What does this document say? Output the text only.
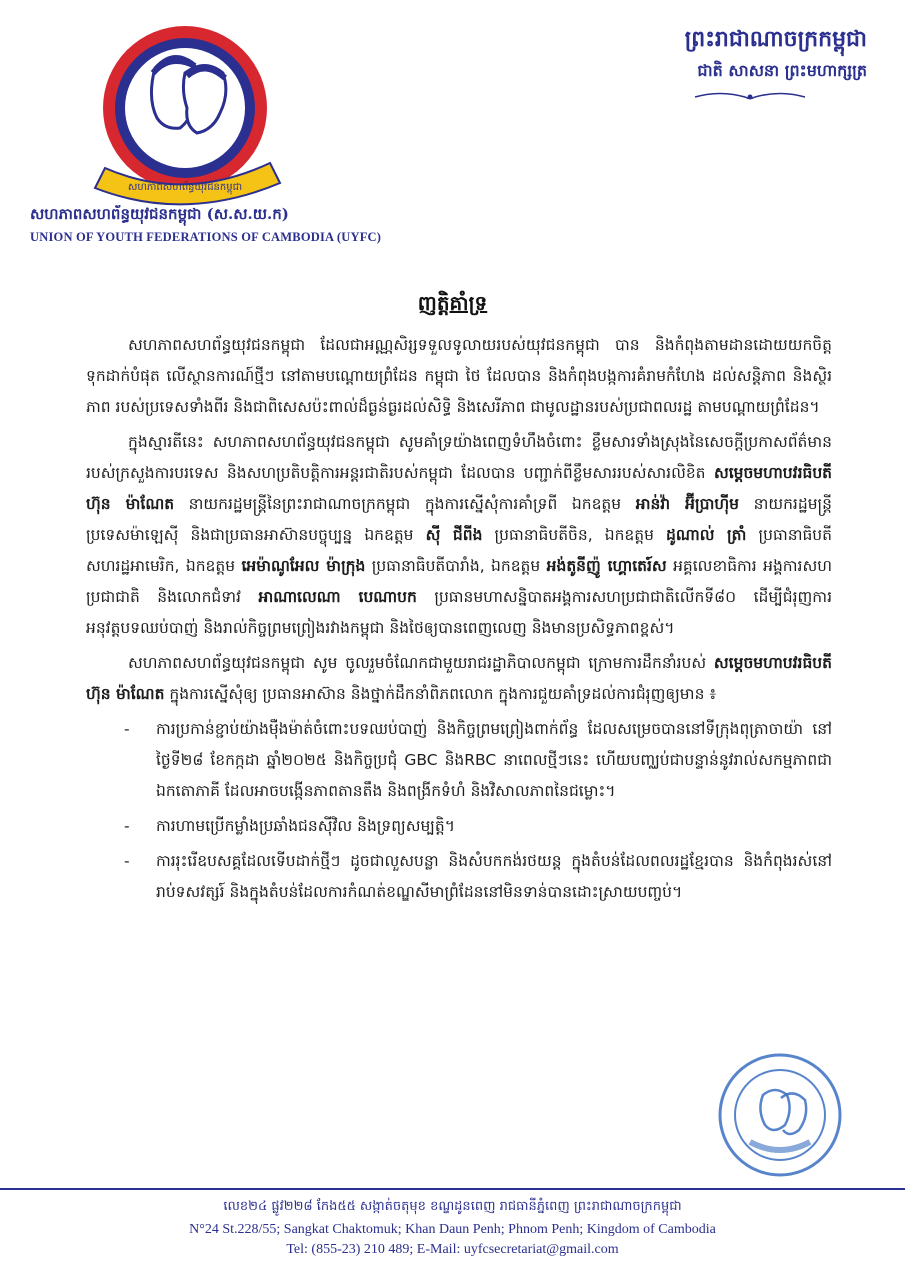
សហភាពសហព័ន្ធយុវជនកម្ពុជា
សហភាពសហព័ន្ធយុវជនកម្ពុជា (ស.ស.យ.ក)
UNION OF YOUTH FEDERATIONS OF CAMBODIA (UYFC)
ព្រះរាជាណាចក្រកម្ពុជា
ជាតិ សាសនា ព្រះមហាក្សត្រ
ញត្តិគាំទ្រ

សហភាពសហព័ន្ធយុវជនកម្ពុជា ដែលជាអណ្ណសិរ្សទទួលទូលាយរបស់យុវជនកម្ពុជា បាន និងកំពុងតាមដានដោយយកចិត្តទុកដាក់បំផុត លើស្ថានការណ៍ថ្មីៗ នៅតាមបណ្ដោយព្រំដែន កម្ពុជា ថៃ ដែលបាន និងកំពុងបង្កការគំរាមកំហែង ដល់សន្តិភាព និងស្ថិរភាព របស់ប្រទេសទាំងពីរ និងជាពិសេសប៉ះពាល់ដ៏ធ្ងន់ធ្ងរដល់សិទ្ធិ និងសេរីភាព ជាមូលដ្ឋានរបស់ប្រជាពលរដ្ឋ តាមបណ្ដាយព្រំដែន។

ក្នុងស្មារតីនេះ សហភាពសហព័ន្ធយុវជនកម្ពុជា សូមគាំទ្រយ៉ាងពេញទំហឹងចំពោះ ខ្លឹមសារទាំងស្រុងនៃសេចក្ដីប្រកាសព័ត៌មានរបស់ក្រសួងការបរទេស និងសហប្រតិបត្តិការអន្តរជាតិរបស់កម្ពុជា ដែលបាន បញ្ជាក់ពីខ្លឹមសាររបស់សារលិខិត សម្ដេចមហាបវរធិបតី ហ៊ុន ម៉ាណែត នាយករដ្ឋមន្ត្រីនៃព្រះរាជាណាចក្រកម្ពុជា ក្នុងការស្នើសុំការគាំទ្រពី ឯកឧត្ដម អាន់វ៉ា អ៊ីប្រាហ៊ីម នាយករដ្ឋមន្ត្រីប្រទេសម៉ាឡេស៊ី និងជាប្រធានអាស៊ានបច្ចុប្បន្ន ឯកឧត្ដម ស៊ី ជីពីង ប្រធានាធិបតីចិន, ឯកឧត្ដម ដូណាល់ ត្រាំ ប្រធានាធិបតីសហរដ្ឋអាមេរិក, ឯកឧត្ដម អេម៉ាណូអែល ម៉ាក្រុង ប្រធានាធិបតីបារាំង, ឯកឧត្ដម អង់តូនីញ៉ូ ហ្គោតេរ៍ស អគ្គលេខាធិការ អង្គការសហប្រជាជាតិ និងលោកជំទាវ អាណាលេណា បេណាបក ប្រធានមហាសន្និបាតអង្គការសហប្រជាជាតិលើកទី៨០ ដើម្បីជំរុញការអនុវត្តបទឈប់បាញ់ និងរាល់កិច្ចព្រមព្រៀងរវាងកម្ពុជា និងថៃឲ្យបានពេញលេញ និងមានប្រសិទ្ធភាពខ្ពស់។

សហភាពសហព័ន្ធយុវជនកម្ពុជា សូម ចូលរួមចំណែកជាមួយរាជរដ្ឋាភិបាលកម្ពុជា ក្រោមការដឹកនាំរបស់ សម្ដេចមហាបវរធិបតី ហ៊ុន ម៉ាណែត ក្នុងការស្នើសុំឲ្យ ប្រធានអាស៊ាន និងថ្នាក់ដឹកនាំពិភពលោក ក្នុងការជួយគាំទ្រដល់ការជំរុញឲ្យមាន ៖

-	ការប្រកាន់ខ្ជាប់យ៉ាងម៉ឺងម៉ាត់ចំពោះបទឈប់បាញ់ និងកិច្ចព្រមព្រៀងពាក់ព័ន្ធ ដែលសម្រេចបាននៅទីក្រុងពុត្រាចាយ៉ា នៅថ្ងៃទី២៨ ខែកក្កដា ឆ្នាំ២០២៥ និងកិច្ចប្រជុំ GBC និងRBC នាពេលថ្មីៗនេះ ហើយបញ្ឈប់ជាបន្ទាន់នូវរាល់សកម្មភាពជាឯកតោភាគី ដែលអាចបង្កើនភាពតានតឹង និងពង្រីកទំហំ និងវិសាលភាពនៃជម្លោះ។
-	ការហាមប្រើកម្លាំងប្រឆាំងជនស៊ីវិល និងទ្រព្យសម្បត្តិ។
-	ការរុះរើឧបសគ្គដែលទើបដាក់ថ្មីៗ ដូចជាលួសបន្លា និងសំបកកង់រថយន្ត ក្នុងតំបន់ដែលពលរដ្ឋខ្មែរបាន និងកំពុងរស់នៅរាប់ទសវត្សរ៍ និងក្នុងតំបន់ដែលការកំណត់ខណ្ឌសីមាព្រំដែននៅមិនទាន់បានដោះស្រាយបញ្ចប់។
លេខ២៤ ផ្លូវ២២៨ កែង៥៥ សង្កាត់ចតុមុខ ខណ្ឌដូនពេញ រាជធានីភ្នំពេញ ព្រះរាជាណាចក្រកម្ពុជា
N°24 St.228/55; Sangkat Chaktomuk; Khan Daun Penh; Phnom Penh; Kingdom of Cambodia
Tel: (855-23) 210 489; E-Mail: uyfcsecretariat@gmail.com
